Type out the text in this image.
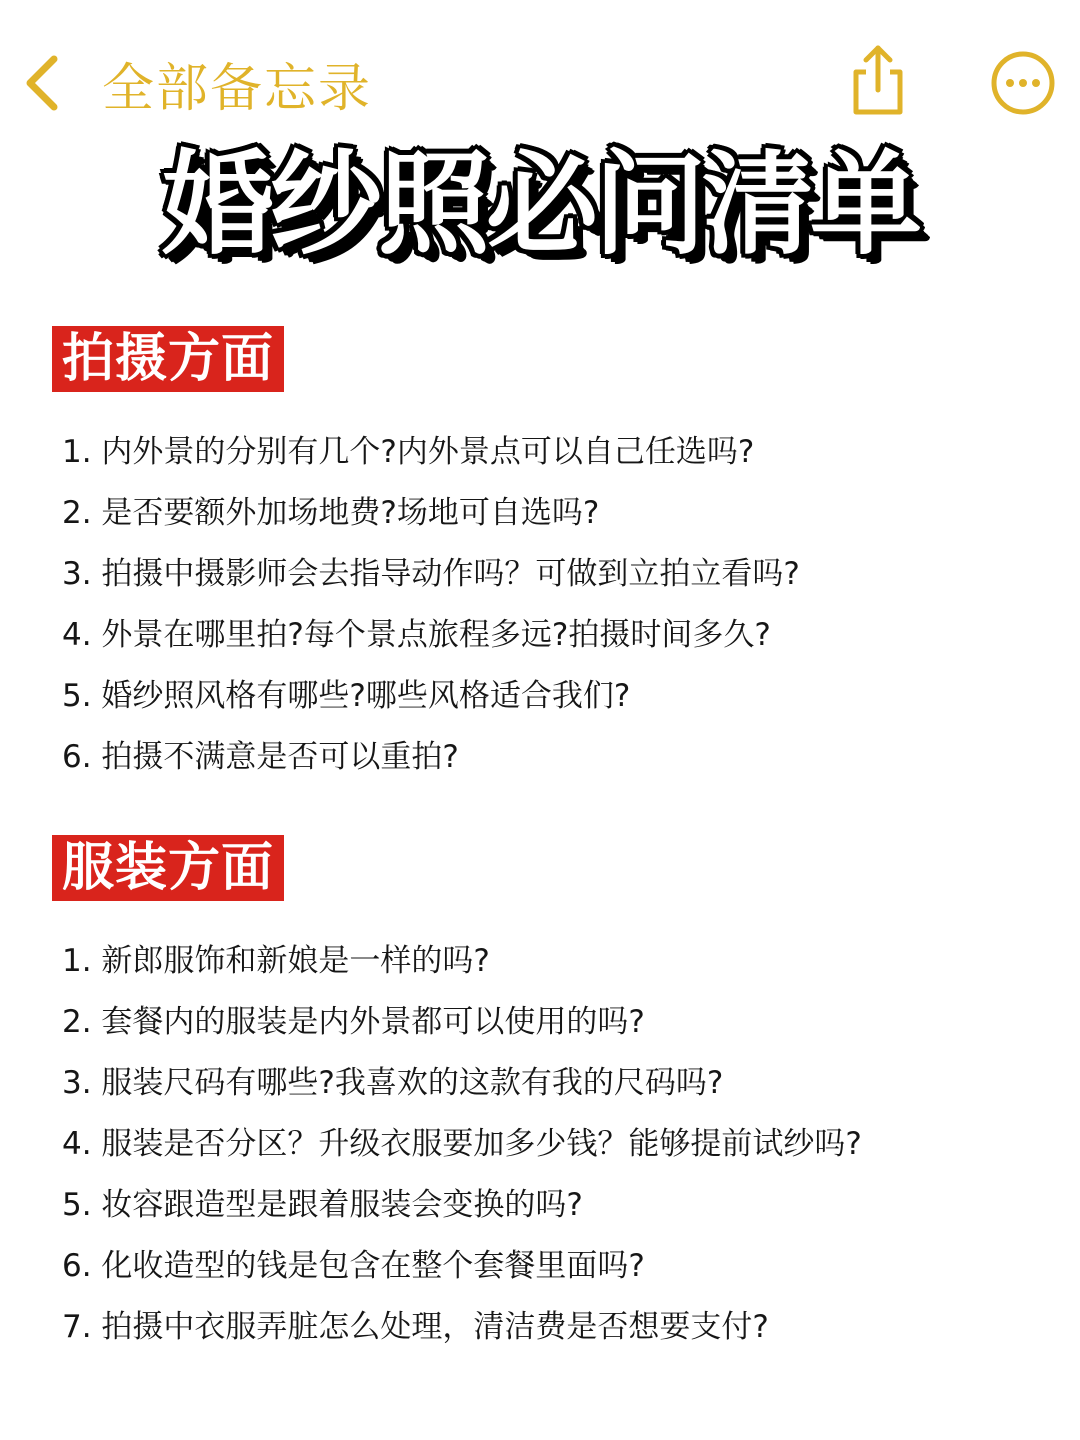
全部备忘录
婚纱照必问清单
拍摄方面
1. 内外景的分别有几个?内外景点可以自己任选吗?
2. 是否要额外加场地费?场地可自选吗?
3. 拍摄中摄影师会去指导动作吗？可做到立拍立看吗?
4. 外景在哪里拍?每个景点旅程多远?拍摄时间多久?
5. 婚纱照风格有哪些?哪些风格适合我们?
6. 拍摄不满意是否可以重拍?
服装方面
1. 新郎服饰和新娘是一样的吗?
2. 套餐内的服装是内外景都可以使用的吗?
3. 服装尺码有哪些?我喜欢的这款有我的尺码吗?
4. 服装是否分区？升级衣服要加多少钱？能够提前试纱吗?
5. 妆容跟造型是跟着服装会变换的吗?
6. 化收造型的钱是包含在整个套餐里面吗?
7. 拍摄中衣服弄脏怎么处理，清洁费是否想要支付?
